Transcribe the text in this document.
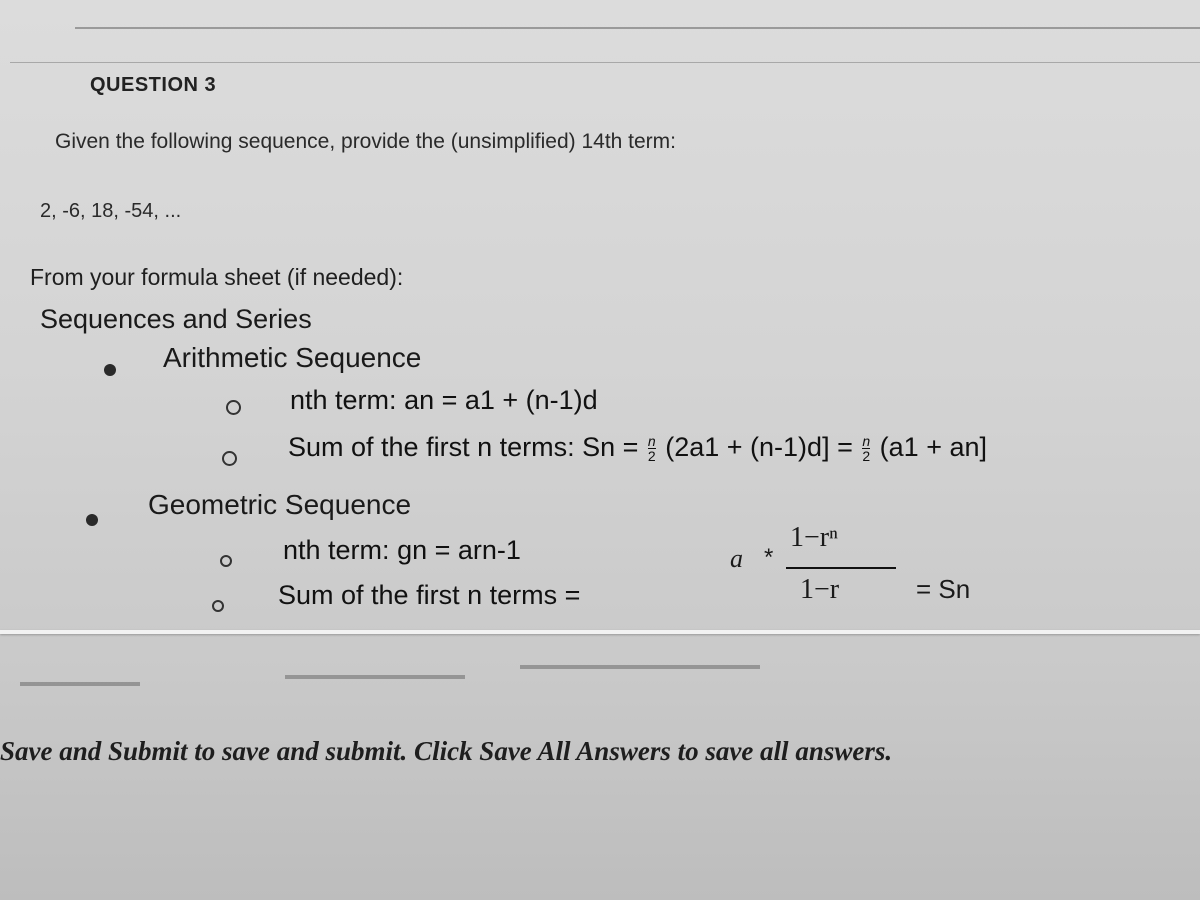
QUESTION 3
Given the following sequence, provide the (unsimplified) 14th term:
2, -6, 18, -54, ...
From your formula sheet (if needed):
Sequences and Series
Arithmetic Sequence
nth term: an = a1 + (n-1)d
Sum of the first n terms: $Sn = \frac{n}{2} (2a1 + (n-1)d] = \frac{n}{2} (a1 + an]$
Geometric Sequence
nth term: gn = arn-1
Sum of the first n terms =
a *
1−rⁿ
1−r	= Sn
Save and Submit to save and submit. Click Save All Answers to save all answers.
